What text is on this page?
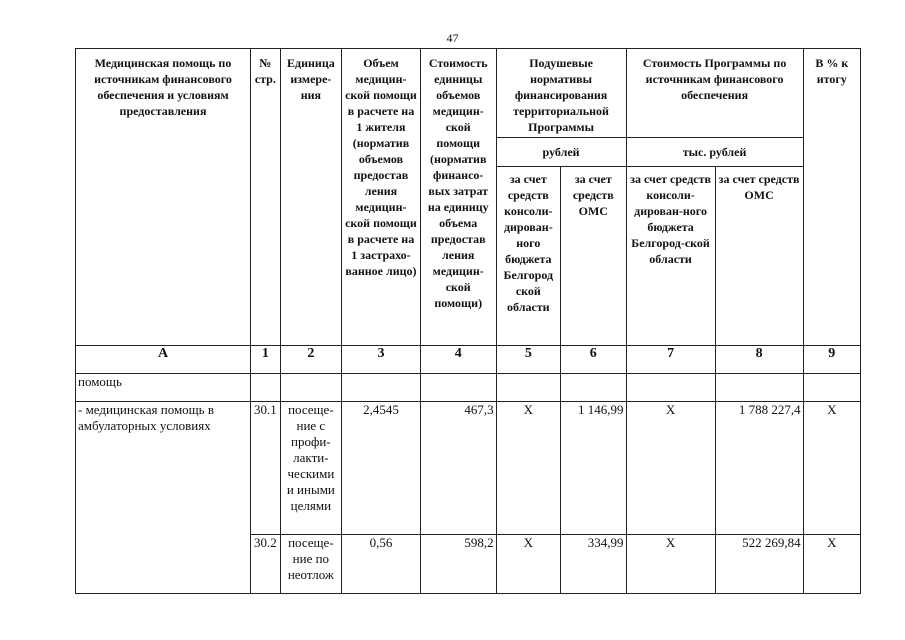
47
Медицинская помощь по источникам финансового обеспечения и условиям предоставления	№ стр.	Единица измере-ния	Объем медицин-ской помощи в расчете на 1 жителя (норматив объемов предостав ления медицин-ской помощи в расчете на 1 застрахо-ванное лицо)	Стоимость единицы объемов медицин-ской помощи (норматив финансо-вых затрат на единицу объема предостав ления медицин-ской помощи)	Подушевые нормативы финансирования территориальной Программы		Стоимость Программы по источникам финансового обеспечения		В % к итогу
					рублей		тыс. рублей		
					за счет средств консоли-дирован-ного бюджета Белгород ской области	за счет средств ОМС	за счет средств консоли-дирован-ного бюджета Белгород-ской области	за счет средств ОМС	
А	1	2	3	4	5	6	7	8	9
помощь									
- медицинская помощь в амбулаторных условиях	30.1	посеще-ние с профи-лакти-ческими и иными целями	2,4545	467,3	Х	1 146,99	Х	1 788 227,4	Х
	30.2	посеще-ние по неотлож	0,56	598,2	Х	334,99	Х	522 269,84	Х
